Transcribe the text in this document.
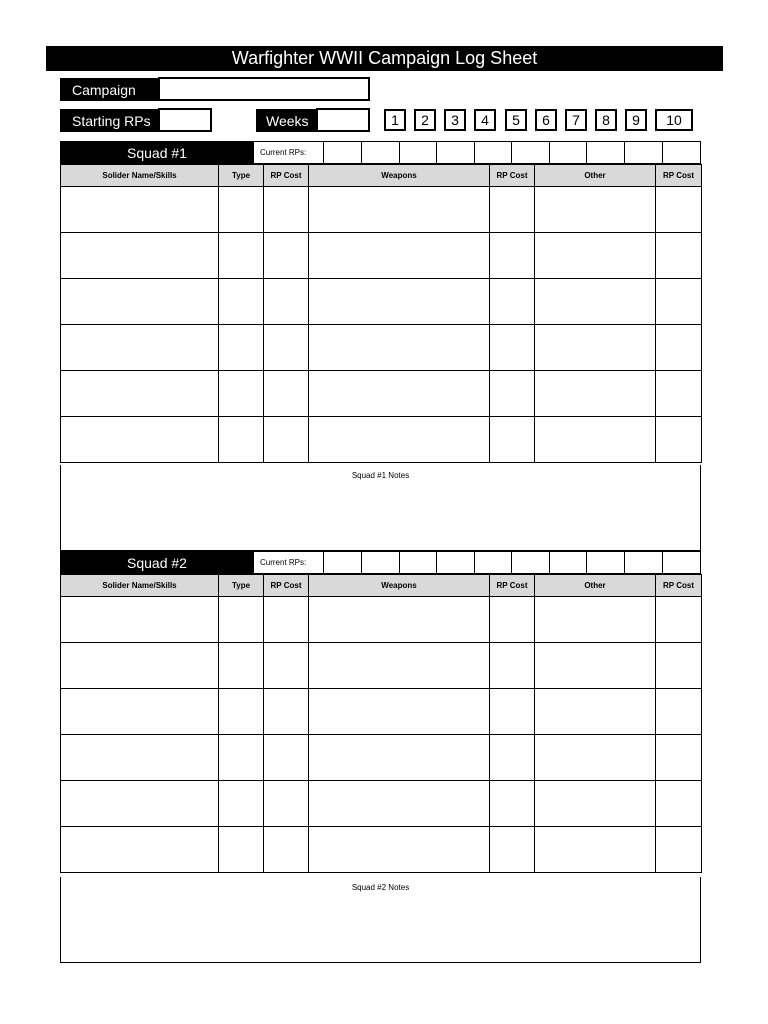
Warfighter WWII Campaign Log Sheet
Campaign
Starting RPs	Weeks	1	2	3	4	5	6	7	8	9	10
Squad #1	Current RPs:
Solider Name/Skills	Type	RP Cost	Weapons	RP Cost	Other	RP Cost

Squad #1 Notes
Squad #2	Current RPs:
Solider Name/Skills	Type	RP Cost	Weapons	RP Cost	Other	RP Cost

Squad #2 Notes
